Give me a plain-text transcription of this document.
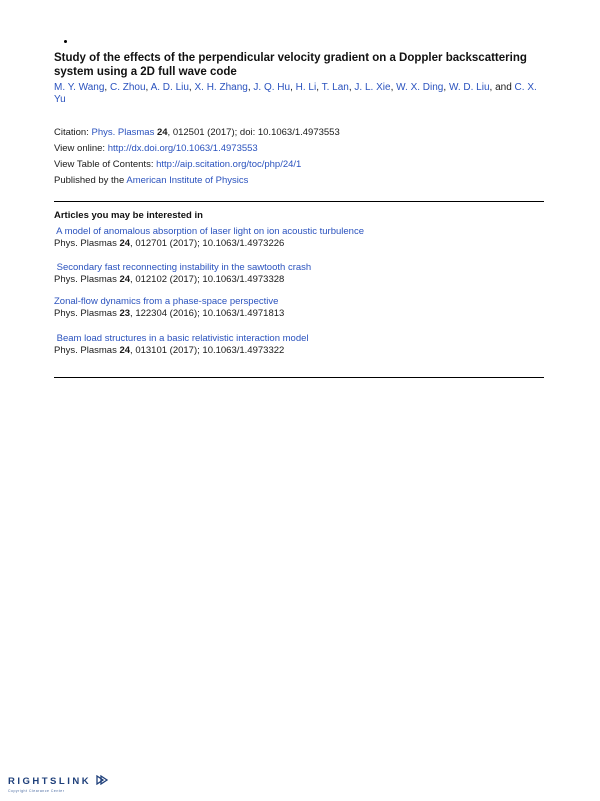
Study of the effects of the perpendicular velocity gradient on a Doppler backscattering system using a 2D full wave code
M. Y. Wang, C. Zhou, A. D. Liu, X. H. Zhang, J. Q. Hu, H. Li, T. Lan, J. L. Xie, W. X. Ding, W. D. Liu, and C. X. Yu
Citation: Phys. Plasmas 24, 012501 (2017); doi: 10.1063/1.4973553
View online: http://dx.doi.org/10.1063/1.4973553
View Table of Contents: http://aip.scitation.org/toc/php/24/1
Published by the American Institute of Physics
Articles you may be interested in
A model of anomalous absorption of laser light on ion acoustic turbulence
Phys. Plasmas 24, 012701 (2017); 10.1063/1.4973226
Secondary fast reconnecting instability in the sawtooth crash
Phys. Plasmas 24, 012102 (2017); 10.1063/1.4973328
Zonal-flow dynamics from a phase-space perspective
Phys. Plasmas 23, 122304 (2016); 10.1063/1.4971813
Beam load structures in a basic relativistic interaction model
Phys. Plasmas 24, 013101 (2017); 10.1063/1.4973322
RIGHTSLINK
Copyright Clearance Center
